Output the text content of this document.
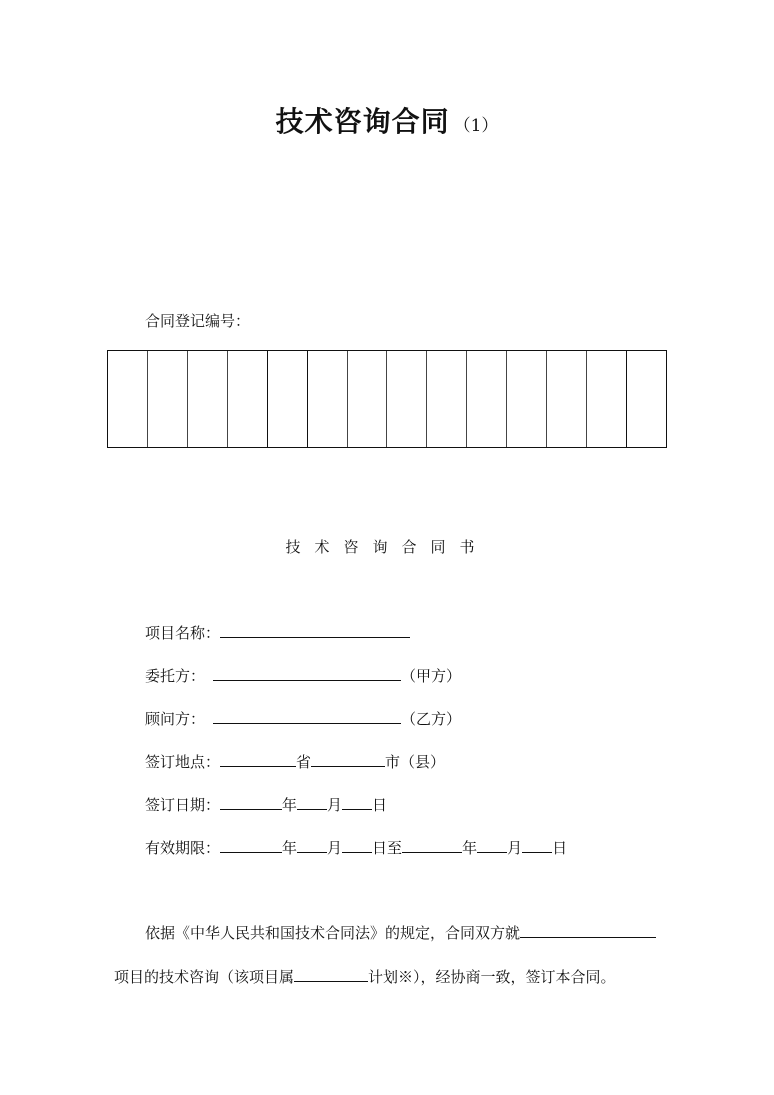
技术咨询合同 （1）
合同登记编号：
技术咨询合同书
项目名称：
委托方：	（甲方）
顾问方：	（乙方）
签订地点：	省	市（县）
签订日期：	年 月 日
有效期限：	年 月 日至	年 月 日
依据《中华人民共和国技术合同法》的规定，合同双方就
项目的技术咨询（该项目属	计划※），经协商一致，签订本合同。
